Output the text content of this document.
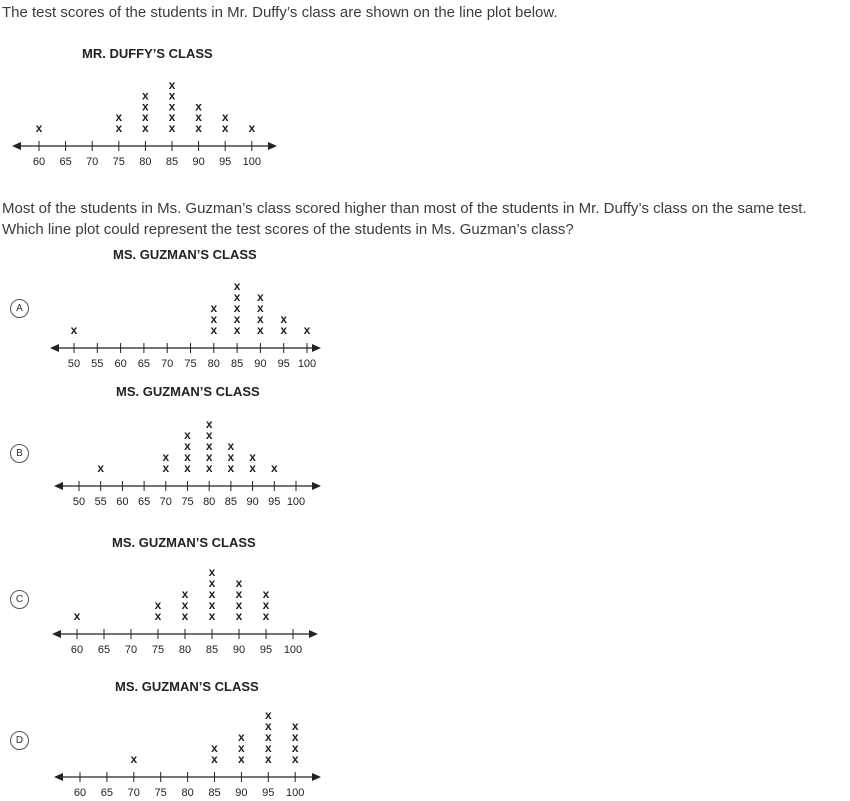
The test scores of the students in Mr. Duffy’s class are shown on the line plot below.

Most of the students in Ms. Guzman’s class scored higher than most of the students in Mr. Duffy’s class on the same test.

Which line plot could represent the test scores of the students in Ms. Guzman’s class?

MR. DUFFY’S CLASS
60 65 70 75 80 85 90 95 100
x	x
x
x
x
x
x
x
x
x
x
x
x
x
x
x
x
x
MS. GUZMAN’S CLASS
50 55 60 65 70 75 80 85 90 95 100
x	x
x
x
x
x
x
x
x
x
x
x
x
x
x
x
MS. GUZMAN’S CLASS
50 55 60 65 70 75 80 85 90 95 100
x	x
x
x
x
x
x
x
x
x
x
x
x
x
x
x
x
x
MS. GUZMAN’S CLASS
60 65 70 75 80 85 90 95 100
x	x
x
x
x
x
x
x
x
x
x
x
x
x
x
x
x
x
MS. GUZMAN’S CLASS
60 65 70 75 80 85 90 95 100
x	x
x
x
x
x
x
x
x
x
x
x
x
x
x
A
B
C
D
